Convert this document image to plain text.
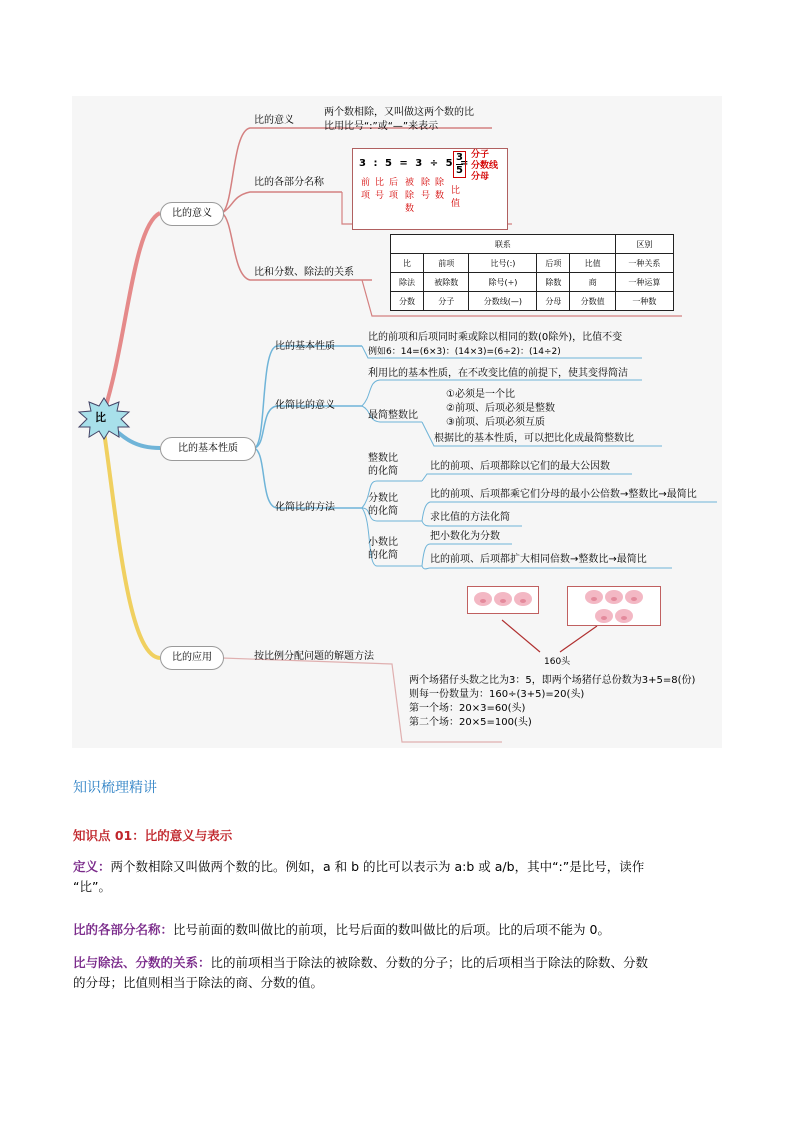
比
比的意义
比的意义
两个数相除，又叫做这两个数的比
比用比号“:”或“—”来表示
比的各部分名称
3 : 5 = 3 ÷ 5 =
前项
比号
后项
被除数
除号
除数 比值
3
5
分子
分数线
分母
比和分数、除法的关系
联系					区别
比	前项	比号(:)	后项	比值	一种关系
除法	被除数	除号(÷)	除数	商	一种运算
分数	分子	分数线(—)	分母	分数值	一种数
比的基本性质
比的基本性质
比的前项和后项同时乘或除以相同的数(0除外)，比值不变
例如6：14=(6×3)：(14×3)=(6÷2)：(14÷2)
化简比的意义
利用比的基本性质，在不改变比值的前提下，使其变得简洁
最简整数比
①必须是一个比
②前项、后项必须是整数
③前项、后项必须互质
根据比的基本性质，可以把比化成最简整数比
化简比的方法
整数比
的化简	比的前项、后项都除以它们的最大公因数
分数比
的化简
比的前项、后项都乘它们分母的最小公倍数→整数比→最简比
求比值的方法化简
小数比
的化简
把小数化为分数
比的前项、后项都扩大相同倍数→整数比→最简比
比的应用	按比例分配问题的解题方法	160头
两个场猪仔头数之比为3：5，即两个场猪仔总份数为3+5=8(份)
则每一份数量为：160÷(3+5)=20(头)
第一个场：20×3=60(头)
第二个场：20×5=100(头)
知识梳理精讲
知识点 01：比的意义与表示
定义：两个数相除又叫做两个数的比。例如，a 和 b 的比可以表示为 a:b 或 a/b，其中“:”是比号，读作
“比”。
比的各部分名称：比号前面的数叫做比的前项，比号后面的数叫做比的后项。比的后项不能为 0。
比与除法、分数的关系：比的前项相当于除法的被除数、分数的分子；比的后项相当于除法的除数、分数
的分母；比值则相当于除法的商、分数的值。
